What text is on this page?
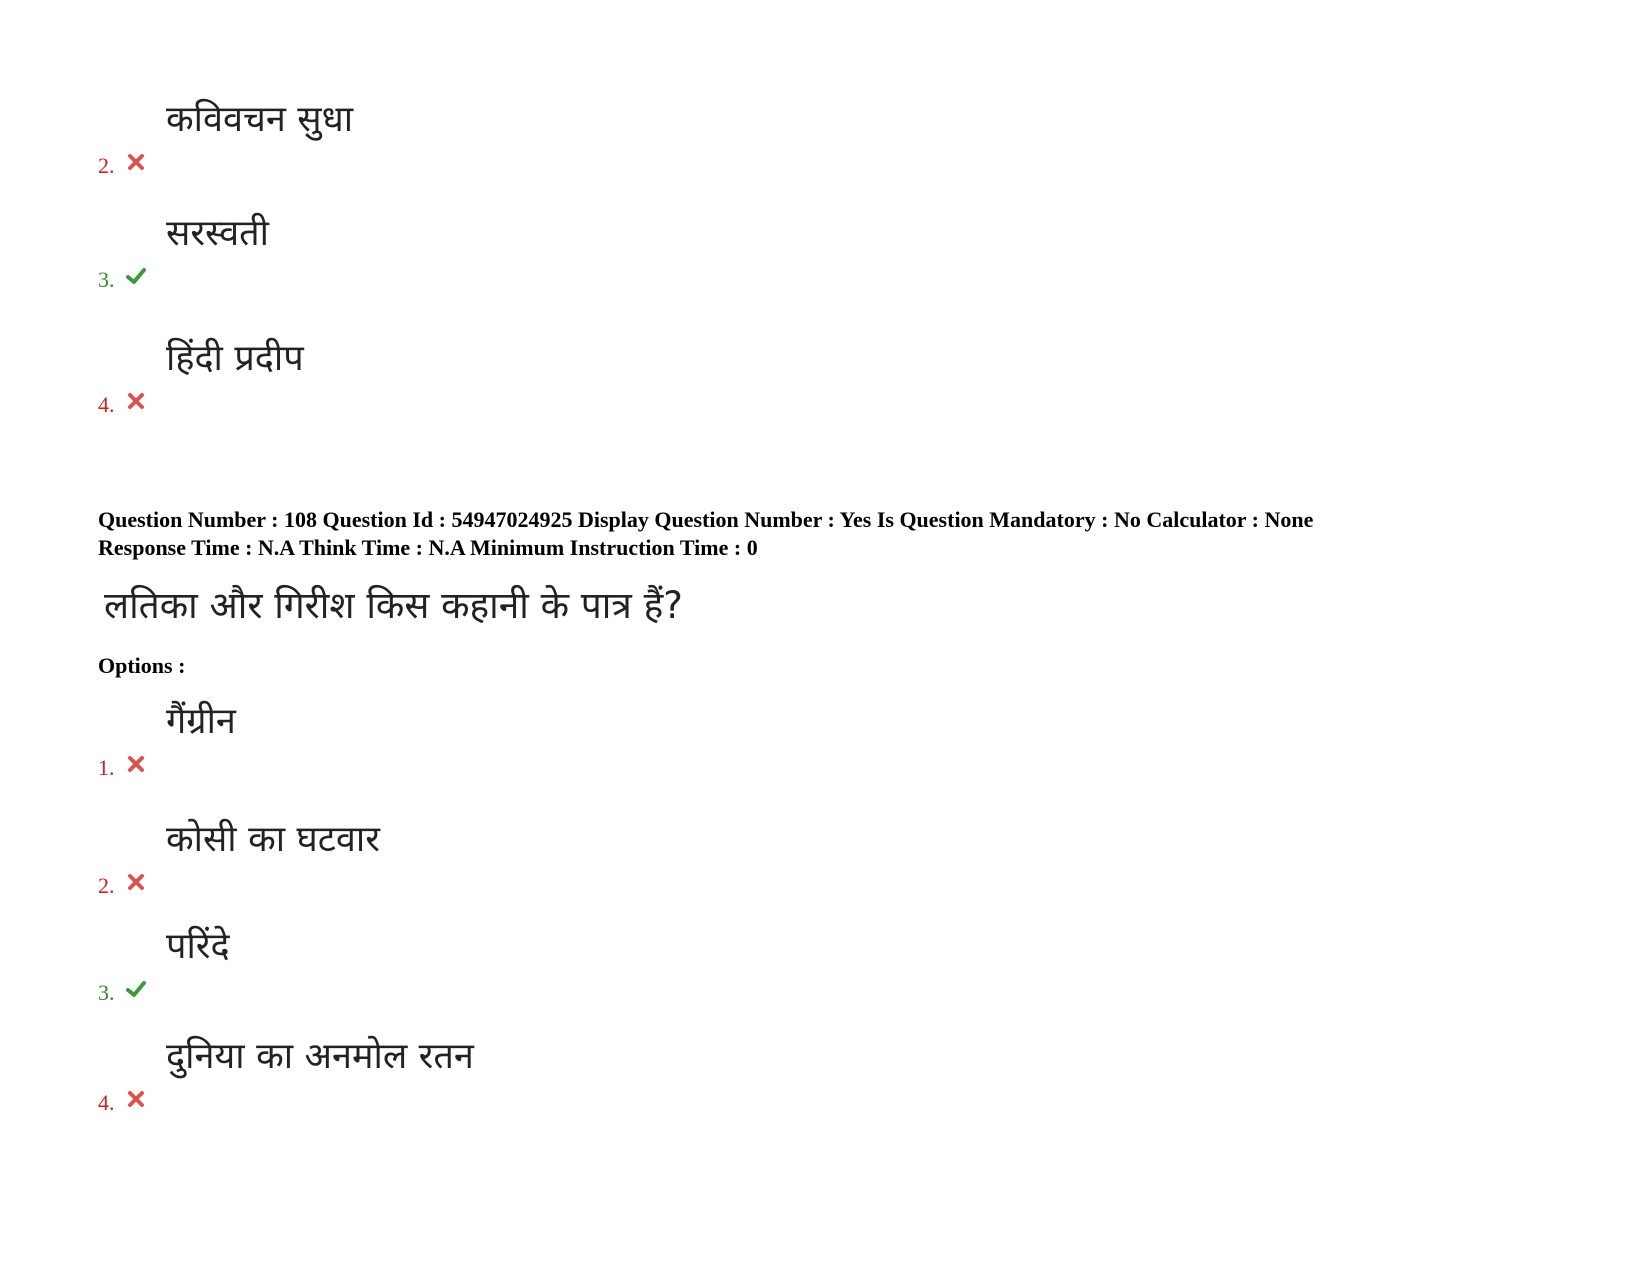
2.
कविवचन सुधा
3.
सरस्वती
4.
हिंदी प्रदीप
Question Number : 108 Question Id : 54947024925 Display Question Number : Yes Is Question Mandatory : No Calculator : None
Response Time : N.A Think Time : N.A Minimum Instruction Time : 0
लतिका और गिरीश किस कहानी के पात्र हैं?
Options :
1.
गैंग्रीन
2.
कोसी का घटवार
3.
परिंदे
4.
दुनिया का अनमोल रतन
